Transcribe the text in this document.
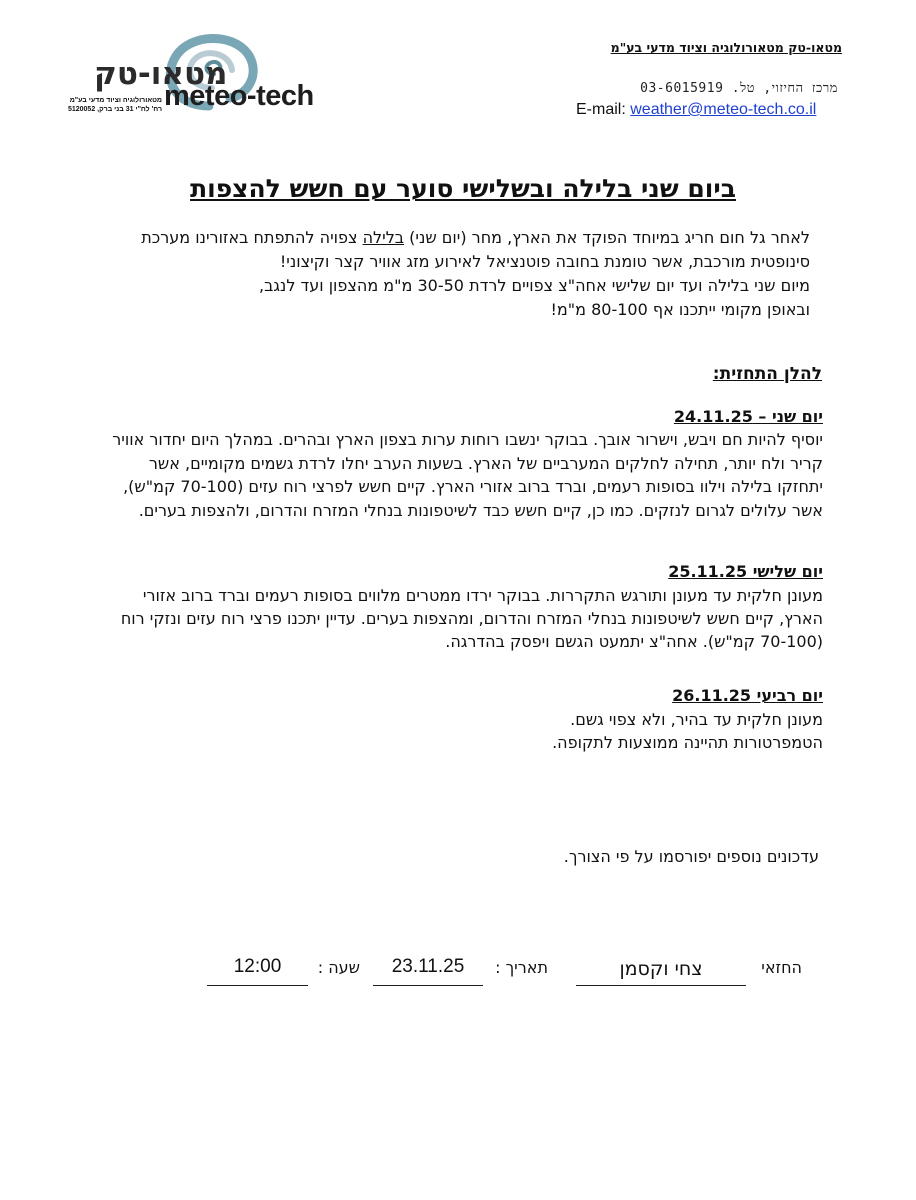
מטאו-טק
meteo-tech
מטאורולוגיה וציוד מדעי בע"מ רח' לח"י 31 בני ברק, 5120052
מטאו-טק מטאורולוגיה וציוד מדעי בע"מ
מרכז החיזוי, טל. 03-6015919
E-mail: weather@meteo-tech.co.il
ביום שני בלילה ובשלישי סוער עם חשש להצפות
לאחר גל חום חריג במיוחד הפוקד את הארץ, מחר (יום שני) בלילה צפויה להתפתח באזורינו מערכת סינופטית מורכבת, אשר טומנת בחובה פוטנציאל לאירוע מזג אוויר קצר וקיצוני!
מיום שני בלילה ועד יום שלישי אחה"צ צפויים לרדת 30-50 מ"מ מהצפון ועד לנגב,
ובאופן מקומי ייתכנו אף 80-100 מ"מ!
להלן התחזית:
יום שני – 24.11.25
יוסיף להיות חם ויבש, וישרור אובך. בבוקר ינשבו רוחות ערות בצפון הארץ ובהרים. במהלך היום יחדור אוויר קריר ולח יותר, תחילה לחלקים המערביים של הארץ. בשעות הערב יחלו לרדת גשמים מקומיים, אשר יתחזקו בלילה וילוו בסופות רעמים, וברד ברוב אזורי הארץ. קיים חשש לפרצי רוח עזים (70-100 קמ"ש), אשר עלולים לגרום לנזקים. כמו כן, קיים חשש כבד לשיטפונות בנחלי המזרח והדרום, ולהצפות בערים.
יום שלישי 25.11.25
מעונן חלקית עד מעונן ותורגש התקררות. בבוקר ירדו ממטרים מלווים בסופות רעמים וברד ברוב אזורי הארץ, קיים חשש לשיטפונות בנחלי המזרח והדרום, ומהצפות בערים. עדיין יתכנו פרצי רוח עזים ונזקי רוח (70-100 קמ"ש). אחה"צ יתמעט הגשם ויפסק בהדרגה.
יום רביעי 26.11.25
מעונן חלקית עד בהיר, ולא צפוי גשם.
הטמפרטורות תהיינה ממוצעות לתקופה.
עדכונים נוספים יפורסמו על פי הצורך.
החזאי
צחי וקסמן
תאריך :
23.11.25
שעה :
12:00
